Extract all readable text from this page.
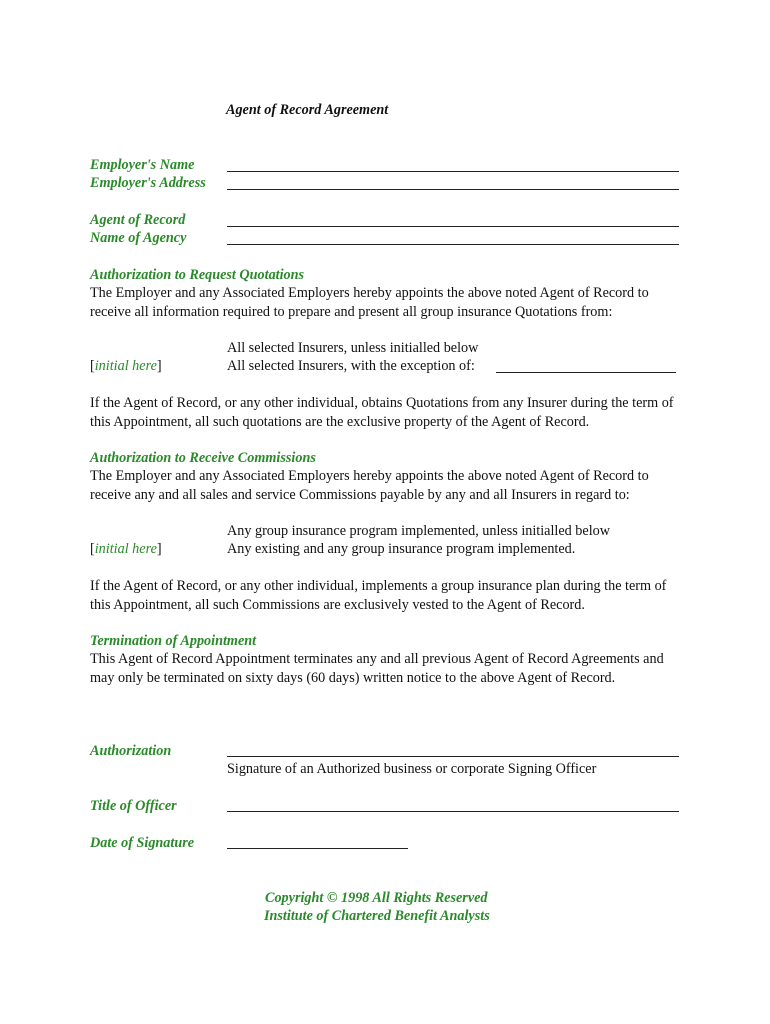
Agent of Record Agreement
Employer's Name
Employer's Address
Agent of Record
Name of Agency
Authorization to Request Quotations
The Employer and any Associated Employers hereby appoints the above noted Agent of Record to receive all information required to prepare and present all group insurance Quotations from:
All selected Insurers, unless initialled below
[initial here]	All selected Insurers, with the exception of:
If the Agent of Record, or any other individual, obtains Quotations from any Insurer during the term of this Appointment, all such quotations are the exclusive property of the Agent of Record.
Authorization to Receive Commissions
The Employer and any Associated Employers hereby appoints the above noted Agent of Record to receive any and all sales and service Commissions payable by any and all Insurers in regard to:
Any group insurance program implemented, unless initialled below
[initial here]	Any existing and any group insurance program implemented.
If the Agent of Record, or any other individual, implements a group insurance plan during the term of this Appointment, all such Commissions are exclusively vested to the Agent of Record.
Termination of Appointment
This Agent of Record Appointment terminates any and all previous Agent of Record Agreements and may only be terminated on sixty days (60 days) written notice to the above Agent of Record.
Authorization
Signature of an Authorized business or corporate Signing Officer
Title of Officer
Date of Signature
Copyright © 1998 All Rights Reserved
Institute of Chartered Benefit Analysts
